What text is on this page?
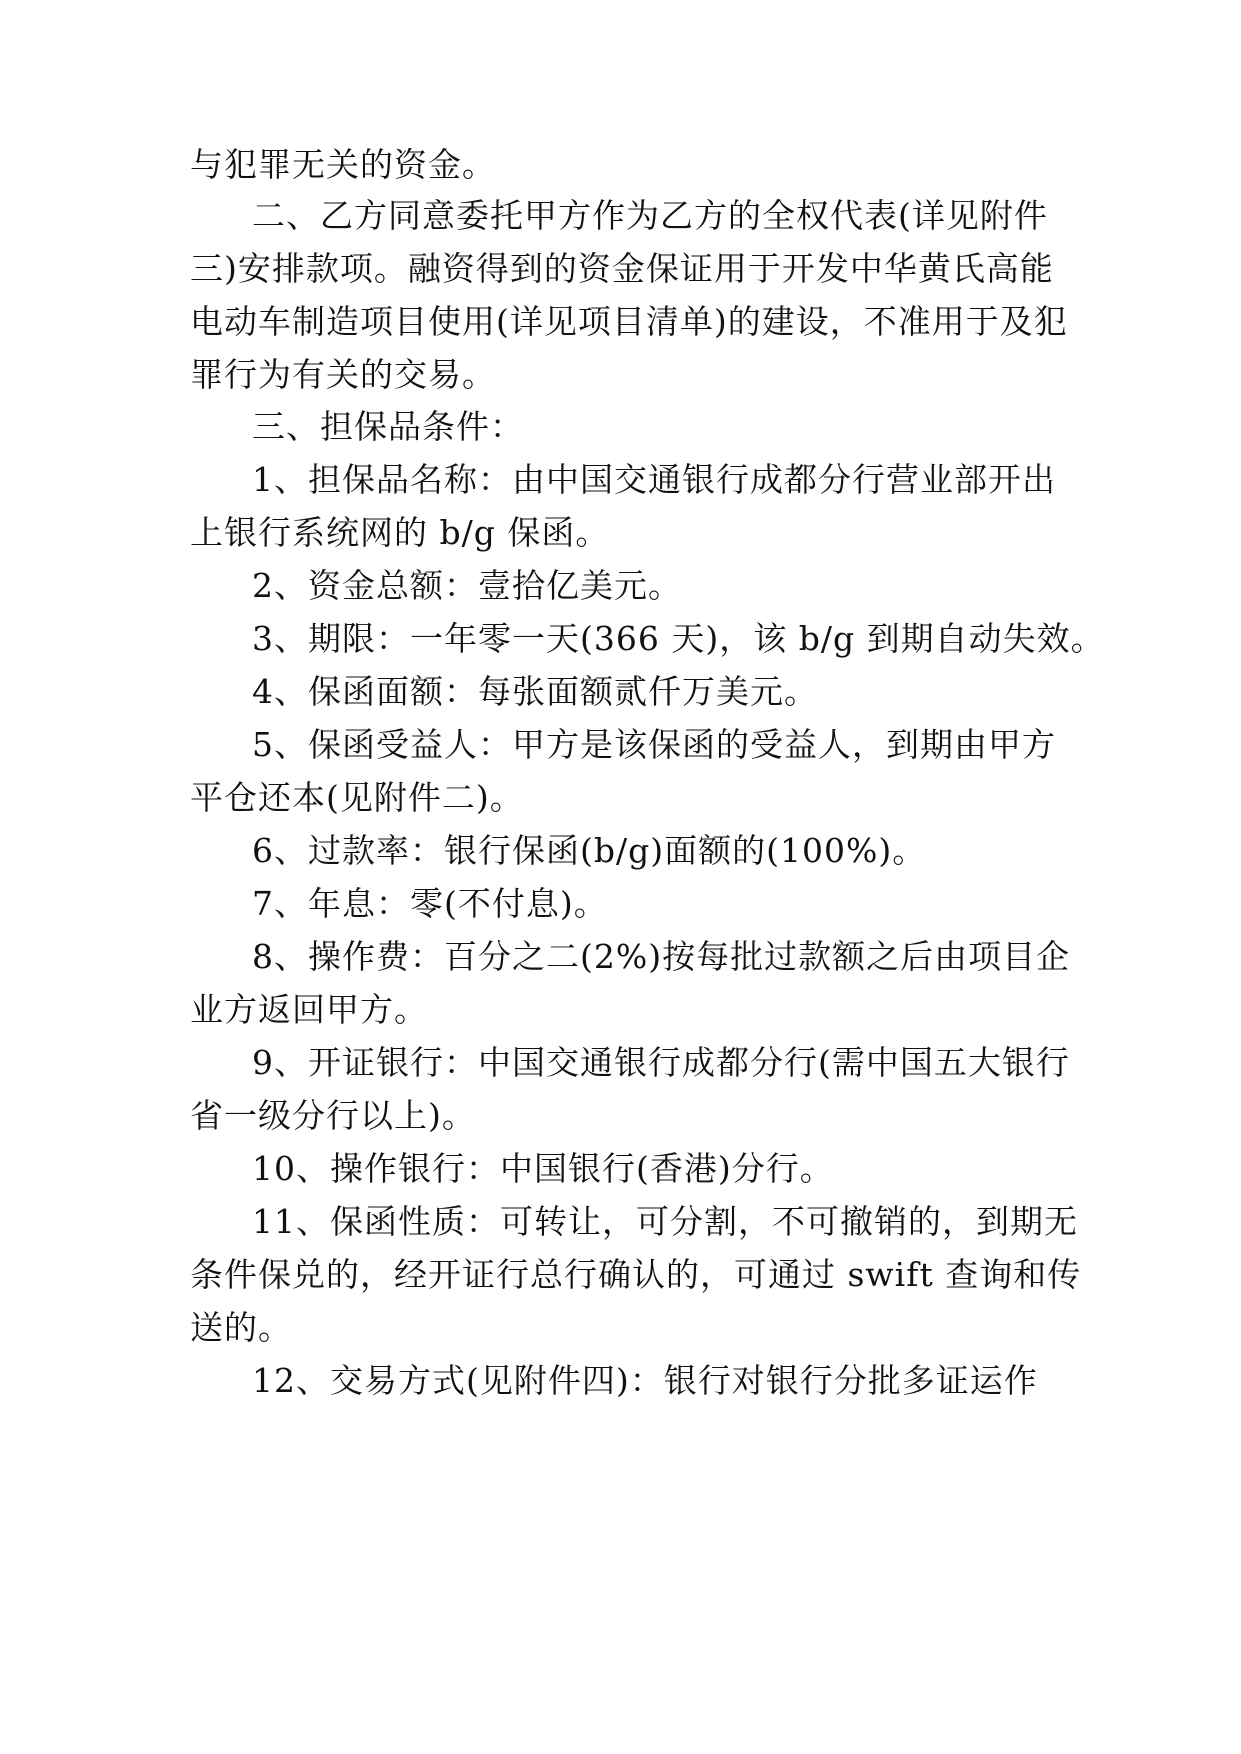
与犯罪无关的资金。
二、乙方同意委托甲方作为乙方的全权代表(详见附件
三)安排款项。融资得到的资金保证用于开发中华黄氏高能
电动车制造项目使用(详见项目清单)的建设，不准用于及犯
罪行为有关的交易。
三、担保品条件：
1、担保品名称：由中国交通银行成都分行营业部开出
上银行系统网的 b/g 保函。
2、资金总额：壹拾亿美元。
3、期限：一年零一天(366 天)，该 b/g 到期自动失效。
4、保函面额：每张面额贰仟万美元。
5、保函受益人：甲方是该保函的受益人，到期由甲方
平仓还本(见附件二)。
6、过款率：银行保函(b/g)面额的(100%)。
7、年息：零(不付息)。
8、操作费：百分之二(2%)按每批过款额之后由项目企
业方返回甲方。
9、开证银行：中国交通银行成都分行(需中国五大银行
省一级分行以上)。
10、操作银行：中国银行(香港)分行。
11、保函性质：可转让，可分割，不可撤销的，到期无
条件保兑的，经开证行总行确认的，可通过 swift 查询和传
送的。
12、交易方式(见附件四)：银行对银行分批多证运作
